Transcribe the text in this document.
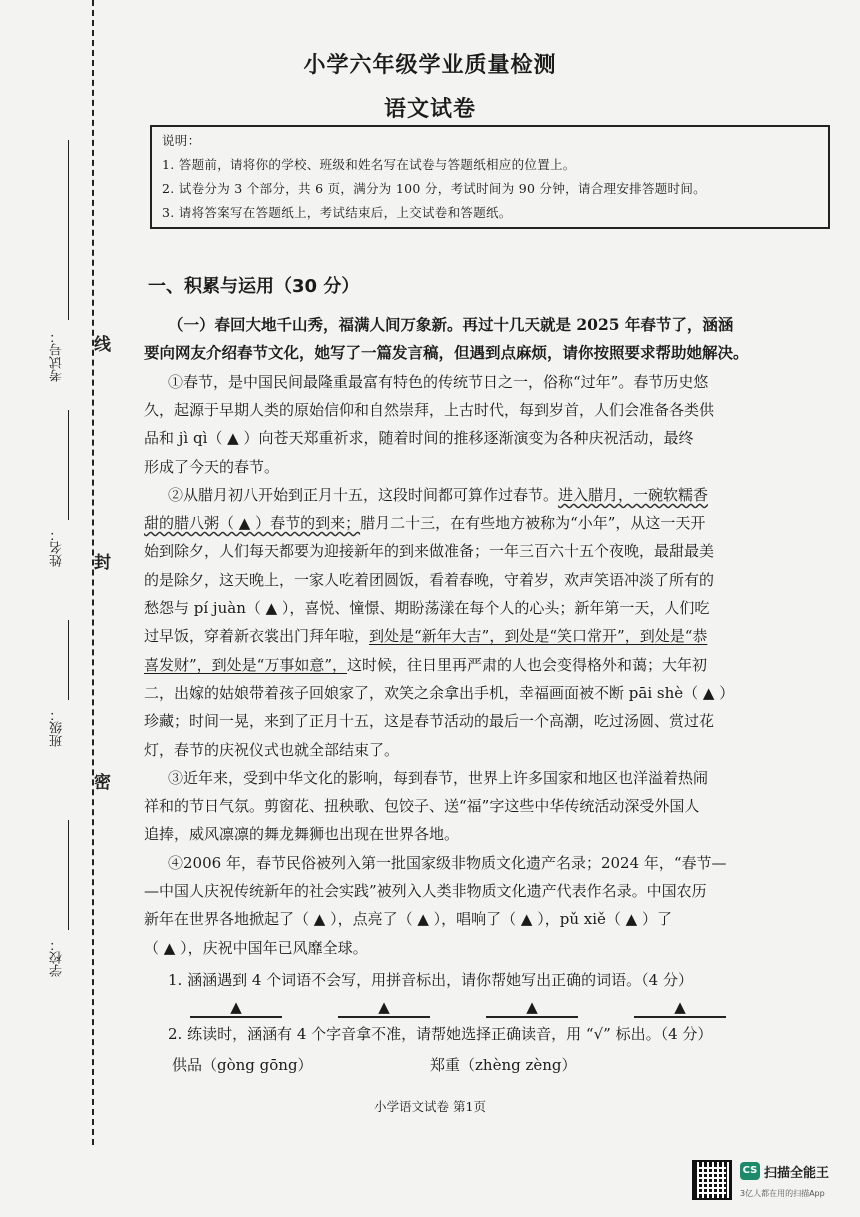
线
封
密
考试号：
姓名：
班级：
学校：
小学六年级学业质量检测
语文试卷
说明：
1. 答题前，请将你的学校、班级和姓名写在试卷与答题纸相应的位置上。
2. 试卷分为 3 个部分，共 6 页，满分为 100 分，考试时间为 90 分钟，请合理安排答题时间。
3. 请将答案写在答题纸上，考试结束后，上交试卷和答题纸。
一、积累与运用（30 分）
（一）春回大地千山秀，福满人间万象新。再过十几天就是 2025 年春节了，涵涵
要向网友介绍春节文化，她写了一篇发言稿，但遇到点麻烦，请你按照要求帮助她解决。
①春节，是中国民间最隆重最富有特色的传统节日之一，俗称“过年”。春节历史悠
久，起源于早期人类的原始信仰和自然崇拜，上古时代，每到岁首，人们会准备各类供
品和 jì qì（ ▲ ）向苍天郑重祈求，随着时间的推移逐渐演变为各种庆祝活动，最终
形成了今天的春节。
②从腊月初八开始到正月十五，这段时间都可算作过春节。进入腊月，一碗软糯香
甜的腊八粥（ ▲ ）春节的到来；腊月二十三，在有些地方被称为“小年”，从这一天开
始到除夕，人们每天都要为迎接新年的到来做准备；一年三百六十五个夜晚，最甜最美
的是除夕，这天晚上，一家人吃着团圆饭，看着春晚，守着岁，欢声笑语冲淡了所有的
愁怨与 pí juàn（ ▲ ），喜悦、憧憬、期盼荡漾在每个人的心头；新年第一天，人们吃
过早饭，穿着新衣裳出门拜年啦，到处是“新年大吉”，到处是“笑口常开”，到处是“恭
喜发财”，到处是“万事如意”，这时候，往日里再严肃的人也会变得格外和蔼；大年初
二，出嫁的姑娘带着孩子回娘家了，欢笑之余拿出手机，幸福画面被不断 pāi shè（ ▲ ）
珍藏；时间一晃，来到了正月十五，这是春节活动的最后一个高潮，吃过汤圆、赏过花
灯，春节的庆祝仪式也就全部结束了。
③近年来，受到中华文化的影响，每到春节，世界上许多国家和地区也洋溢着热闹
祥和的节日气氛。剪窗花、扭秧歌、包饺子、送“福”字这些中华传统活动深受外国人
追捧，威风凛凛的舞龙舞狮也出现在世界各地。
④2006 年，春节民俗被列入第一批国家级非物质文化遗产名录；2024 年，“春节—
—中国人庆祝传统新年的社会实践”被列入人类非物质文化遗产代表作名录。中国农历
新年在世界各地掀起了（ ▲ ），点亮了（ ▲ ），唱响了（ ▲ ），pǔ xiě（ ▲ ）了
（ ▲ ），庆祝中国年已风靡全球。
1. 涵涵遇到 4 个词语不会写，用拼音标出，请你帮她写出正确的词语。（4 分）
▲	▲	▲	▲
2. 练读时，涵涵有 4 个字音拿不准，请帮她选择正确读音，用 “√” 标出。（4 分）
小学语文试卷 第1页
CS 扫描全能王
3亿人都在用的扫描App
供品（gòng gōng）	郑重（zhèng zèng）
